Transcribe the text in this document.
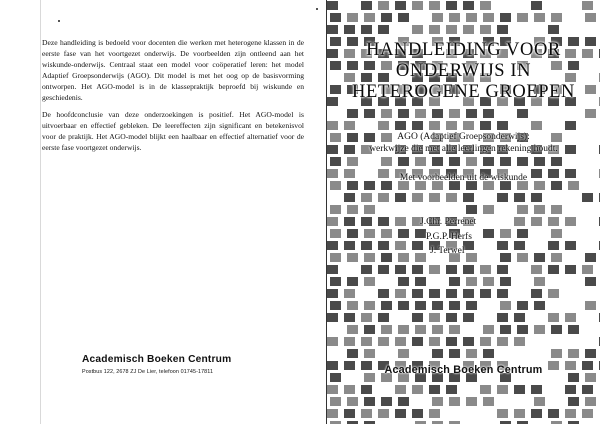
Deze handleiding is bedoeld voor docenten die werken met heterogene klassen in de eerste fase van het voortgezet onderwijs. De voorbeelden zijn ontleend aan het wiskunde-onderwijs. Centraal staat een model voor coöperatief leren: het model Adaptief Groepsonderwijs (AGO). Dit model is met het oog op de basisvorming ontworpen. Het AGO-model is in de klassepraktijk beproefd bij wiskunde en geschiedenis.

De hoofdconclusie van deze onderzoekingen is positief. Het AGO-model is uitvoerbaar en effectief gebleken. De leereffecten zijn significant en betekenisvol voor de praktijk. Het AGO-model blijkt een haalbaar en effectief alternatief voor de eerste fase voortgezet onderwijs.

Academisch Boeken Centrum
Postbus 122, 2678 ZJ De Lier, telefoon 01745-17811
HANDLEIDING VOOR
ONDERWIJS IN
HETEROGENE GROEPEN
AGO (Adaptief Groepsonderwijs):
werkwijze die met alle leerlingen rekening houdt.
Met voorbeelden uit de wiskunde
J.Chr. Perrenet
P.G.P. Herfs
J. Terwel
Academisch Boeken Centrum
